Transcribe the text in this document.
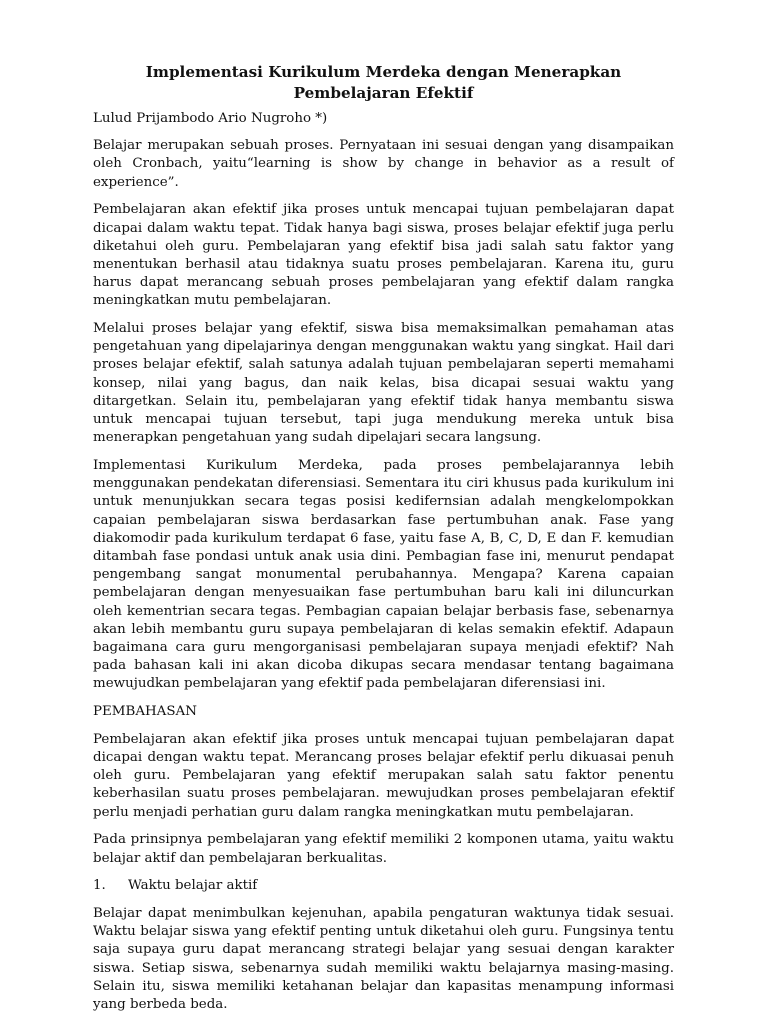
Implementasi Kurikulum Merdeka dengan Menerapkan Pembelajaran Efektif
Lulud Prijambodo Ario Nugroho *)

Belajar merupakan sebuah proses. Pernyataan ini sesuai dengan yang disampaikan oleh Cronbach, yaitu“learning is show by change in behavior as a result of experience”.

Pembelajaran akan efektif jika proses untuk mencapai tujuan pembelajaran dapat dicapai dalam waktu tepat. Tidak hanya bagi siswa, proses belajar efektif juga perlu diketahui oleh guru. Pembelajaran yang efektif bisa jadi salah satu faktor yang menentukan berhasil atau tidaknya suatu proses pembelajaran. Karena itu, guru harus dapat merancang sebuah proses pembelajaran yang efektif dalam rangka meningkatkan mutu pembelajaran.

Melalui proses belajar yang efektif, siswa bisa memaksimalkan pemahaman atas pengetahuan yang dipelajarinya dengan menggunakan waktu yang singkat. Hail dari proses belajar efektif, salah satunya adalah tujuan pembelajaran seperti memahami konsep, nilai yang bagus, dan naik kelas, bisa dicapai sesuai waktu yang ditargetkan. Selain itu, pembelajaran yang efektif tidak hanya membantu siswa untuk mencapai tujuan tersebut, tapi juga mendukung mereka untuk bisa menerapkan pengetahuan yang sudah dipelajari secara langsung.

Implementasi Kurikulum Merdeka, pada proses pembelajarannya lebih menggunakan pendekatan diferensiasi. Sementara itu ciri khusus pada kurikulum ini untuk menunjukkan secara tegas posisi kedifernsian adalah mengkelompokkan capaian pembelajaran siswa berdasarkan fase pertumbuhan anak. Fase yang diakomodir pada kurikulum terdapat 6 fase, yaitu fase A, B, C, D, E dan F. kemudian ditambah fase pondasi untuk anak usia dini. Pembagian fase ini, menurut pendapat pengembang sangat monumental perubahannya. Mengapa? Karena capaian pembelajaran dengan menyesuaikan fase pertumbuhan baru kali ini diluncurkan oleh kementrian secara tegas. Pembagian capaian belajar berbasis fase, sebenarnya akan lebih membantu guru supaya pembelajaran di kelas semakin efektif. Adapaun bagaimana cara guru mengorganisasi pembelajaran supaya menjadi efektif? Nah pada bahasan kali ini akan dicoba dikupas secara mendasar tentang bagaimana mewujudkan pembelajaran yang efektif pada pembelajaran diferensiasi ini.

PEMBAHASAN

Pembelajaran akan efektif jika proses untuk mencapai tujuan pembelajaran dapat dicapai dengan waktu tepat. Merancang proses belajar efektif perlu dikuasai penuh oleh guru. Pembelajaran yang efektif merupakan salah satu faktor penentu keberhasilan suatu proses pembelajaran. mewujudkan proses pembelajaran efektif perlu menjadi perhatian guru dalam rangka meningkatkan mutu pembelajaran.

Pada prinsipnya pembelajaran yang efektif memiliki 2 komponen utama, yaitu waktu belajar aktif dan pembelajaran berkualitas.

1.	Waktu belajar aktif

Belajar dapat menimbulkan kejenuhan, apabila pengaturan waktunya tidak sesuai. Waktu belajar siswa yang efektif penting untuk diketahui oleh guru. Fungsinya tentu saja supaya guru dapat merancang strategi belajar yang sesuai dengan karakter siswa. Setiap siswa, sebenarnya sudah memiliki waktu belajarnya masing-masing. Selain itu, siswa memiliki ketahanan belajar dan kapasitas menampung informasi yang berbeda beda.
